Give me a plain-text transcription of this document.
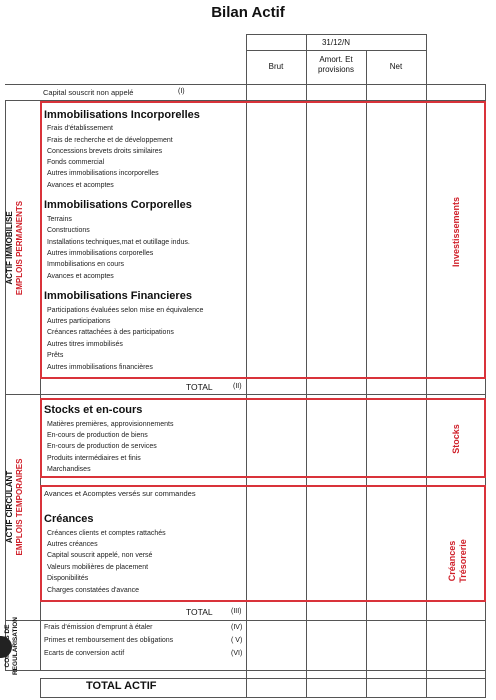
Bilan Actif
31/12/N
Brut
Amort. Et
provisions	Net
Capital souscrit non appelé	(I)
Immobilisations Incorporelles
Frais d'établissement
Frais de recherche et de développement
Concessions brevets droits similaires
Fonds commercial
Autres immobilisations incorporelles
Avances et acomptes
Immobilisations Corporelles
Terrains
Constructions
Installations techniques,mat et outillage indus.
Autres immobilisations corporelles
Immobilisations en cours
Avances et acomptes
Immobilisations Financieres
Participations évaluées selon mise en équivalence
Autres participations
Créances rattachées à des participations
Autres titres immobilisés
Prêts
Autres immobilisations financières
TOTAL	(II)
Stocks et en-cours
Matières premières, approvisionnements
En-cours de production de biens
En-cours de production de services
Produits intermédiaires et finis
Marchandises
Avances et Acomptes versés sur commandes
Créances
Créances clients et comptes rattachés
Autres créances
Capital souscrit appelé, non versé
Valeurs mobilières de placement
Disponibilités
Charges constatées d'avance
TOTAL	(III)
Frais d'émission d'emprunt à étaler	(IV)
Primes et remboursement des obligations	( V)
Ecarts de conversion actif	(VI)
TOTAL ACTIF
ACTIF IMMOBILISE EMPLOIS PERMANENTS
ACTIF CIRCULANT EMPLOIS TEMPORAIRES
REGULARISATION
Investissements
Stocks
Créances Trésorerie
